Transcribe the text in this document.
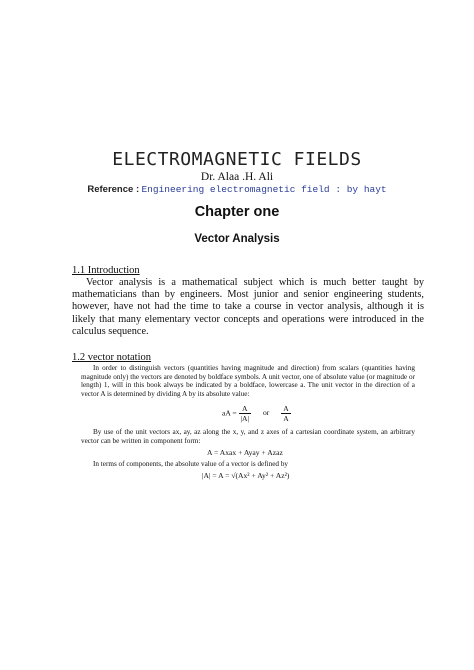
ELECTROMAGNETIC FIELDS
Dr. Alaa .H. Ali
Reference : Engineering electromagnetic field : by hayt
Chapter one
Vector Analysis
1.1 Introduction

Vector analysis is a mathematical subject which is much better taught by mathematicians than by engineers. Most junior and senior engineering students, however, have not had the time to take a course in vector analysis, although it is likely that many elementary vector concepts and operations were introduced in the calculus sequence.

1.2 vector notation

In order to distinguish vectors (quantities having magnitude and direction) from scalars (quantities having magnitude only) the vectors are denoted by boldface symbols. A unit vector, one of absolute value (or magnitude or length) 1, will in this book always be indicated by a boldface, lowercase a. The unit vector in the direction of a vector A is determined by dividing A by its absolute value:

aA = $\frac{A}{|A|}$ or $\frac{A}{A}$

By use of the unit vectors ax, ay, az along the x, y, and z axes of a cartesian coordinate system, an arbitrary vector can be written in component form:

A = Axax + Ayay + Azaz

In terms of components, the absolute value of a vector is defined by

|A| = A = √(Ax² + Ay² + Az²)
